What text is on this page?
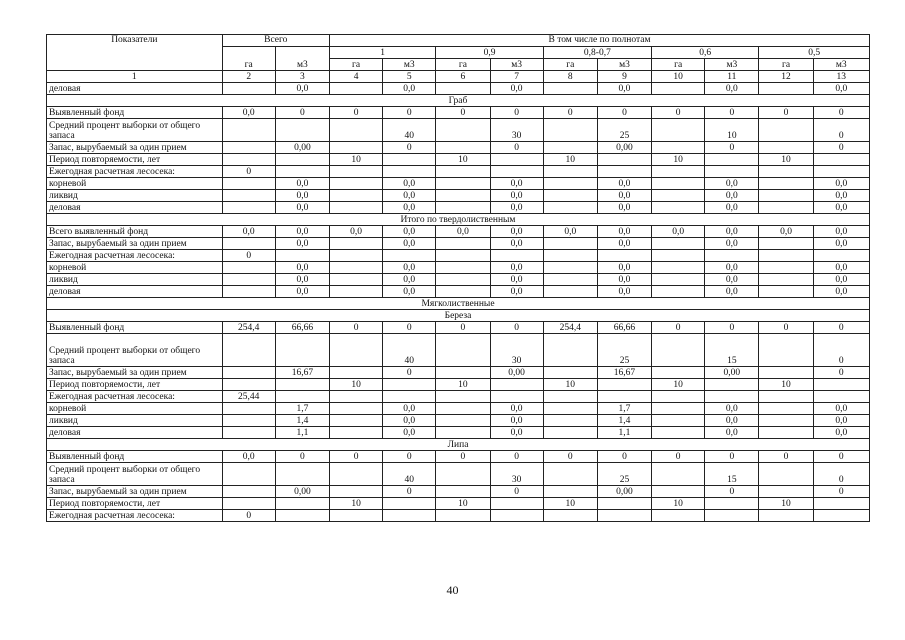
Показатели	Всего		В том числе по полнотам									
	га	м3	1		0,9		0,8-0,7		0,6		0,5	
			га	м3	га	м3	га	м3	га	м3	га	м3
1	2	3	4	5	6	7	8	9	10	11	12	13
деловая		0,0		0,0		0,0		0,0		0,0		0,0
Граб												
Выявленный фонд	0,0	0	0	0	0	0	0	0	0	0	0	0
Средний процент выборки от общего запаса				40		30		25		10		0
Запас, вырубаемый за один прием		0,00		0		0		0,00		0		0
Период повторяемости, лет			10		10		10		10		10	
Ежегодная расчетная лесосека:	0											
корневой		0,0		0,0		0,0		0,0		0,0		0,0
ликвид		0,0		0,0		0,0		0,0		0,0		0,0
деловая		0,0		0,0		0,0		0,0		0,0		0,0
Итого по твердолиственным												
Всего выявленный фонд	0,0	0,0	0,0	0,0	0,0	0,0	0,0	0,0	0,0	0,0	0,0	0,0
Запас, вырубаемый за один прием		0,0		0,0		0,0		0,0		0,0		0,0
Ежегодная расчетная лесосека:	0											
корневой		0,0		0,0		0,0		0,0		0,0		0,0
ликвид		0,0		0,0		0,0		0,0		0,0		0,0
деловая		0,0		0,0		0,0		0,0		0,0		0,0
Мягколиственные												
Береза												
Выявленный фонд	254,4	66,66	0	0	0	0	254,4	66,66	0	0	0	0
Средний процент выборки от общего запаса				40		30		25		15		0
Запас, вырубаемый за один прием		16,67		0		0,00		16,67		0,00		0
Период повторяемости, лет			10		10		10		10		10	
Ежегодная расчетная лесосека:	25,44											
корневой		1,7		0,0		0,0		1,7		0,0		0,0
ликвид		1,4		0,0		0,0		1,4		0,0		0,0
деловая		1,1		0,0		0,0		1,1		0,0		0,0
Липа												
Выявленный фонд	0,0	0	0	0	0	0	0	0	0	0	0	0
Средний процент выборки от общего запаса				40		30		25		15		0
Запас, вырубаемый за один прием		0,00		0		0		0,00		0		0
Период повторяемости, лет			10		10		10		10		10	
Ежегодная расчетная лесосека:	0											
40
